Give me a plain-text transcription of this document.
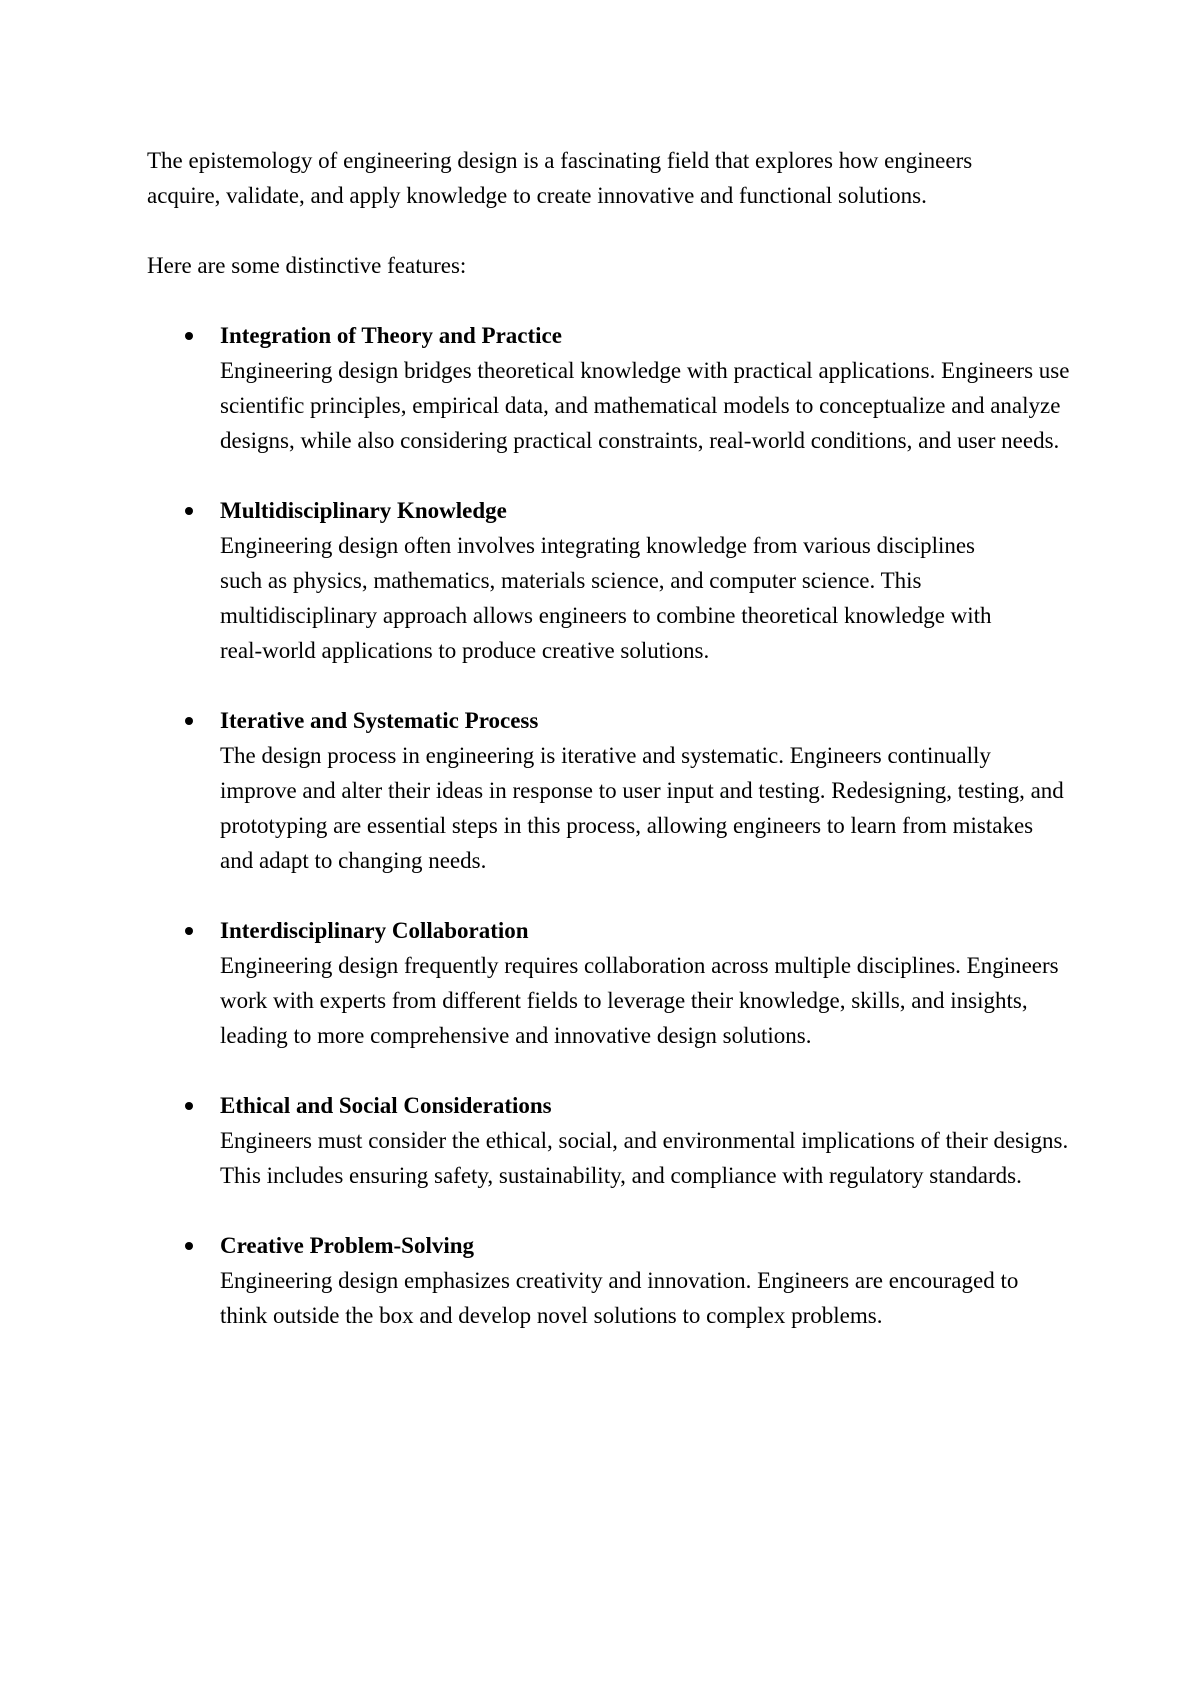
The epistemology of engineering design is a fascinating field that explores how engineers acquire, validate, and apply knowledge to create innovative and functional solutions.

Here are some distinctive features:

Integration of Theory and Practice
Engineering design bridges theoretical knowledge with practical applications. Engineers use scientific principles, empirical data, and mathematical models to conceptualize and analyze designs, while also considering practical constraints, real-world conditions, and user needs.
Multidisciplinary Knowledge
Engineering design often involves integrating knowledge from various disciplines such as physics, mathematics, materials science, and computer science. This multidisciplinary approach allows engineers to combine theoretical knowledge with real-world applications to produce creative solutions.
Iterative and Systematic Process
The design process in engineering is iterative and systematic. Engineers continually improve and alter their ideas in response to user input and testing. Redesigning, testing, and prototyping are essential steps in this process, allowing engineers to learn from mistakes and adapt to changing needs.
Interdisciplinary Collaboration
Engineering design frequently requires collaboration across multiple disciplines. Engineers work with experts from different fields to leverage their knowledge, skills, and insights, leading to more comprehensive and innovative design solutions.
Ethical and Social Considerations
Engineers must consider the ethical, social, and environmental implications of their designs. This includes ensuring safety, sustainability, and compliance with regulatory standards.
Creative Problem-Solving
Engineering design emphasizes creativity and innovation. Engineers are encouraged to think outside the box and develop novel solutions to complex problems.
